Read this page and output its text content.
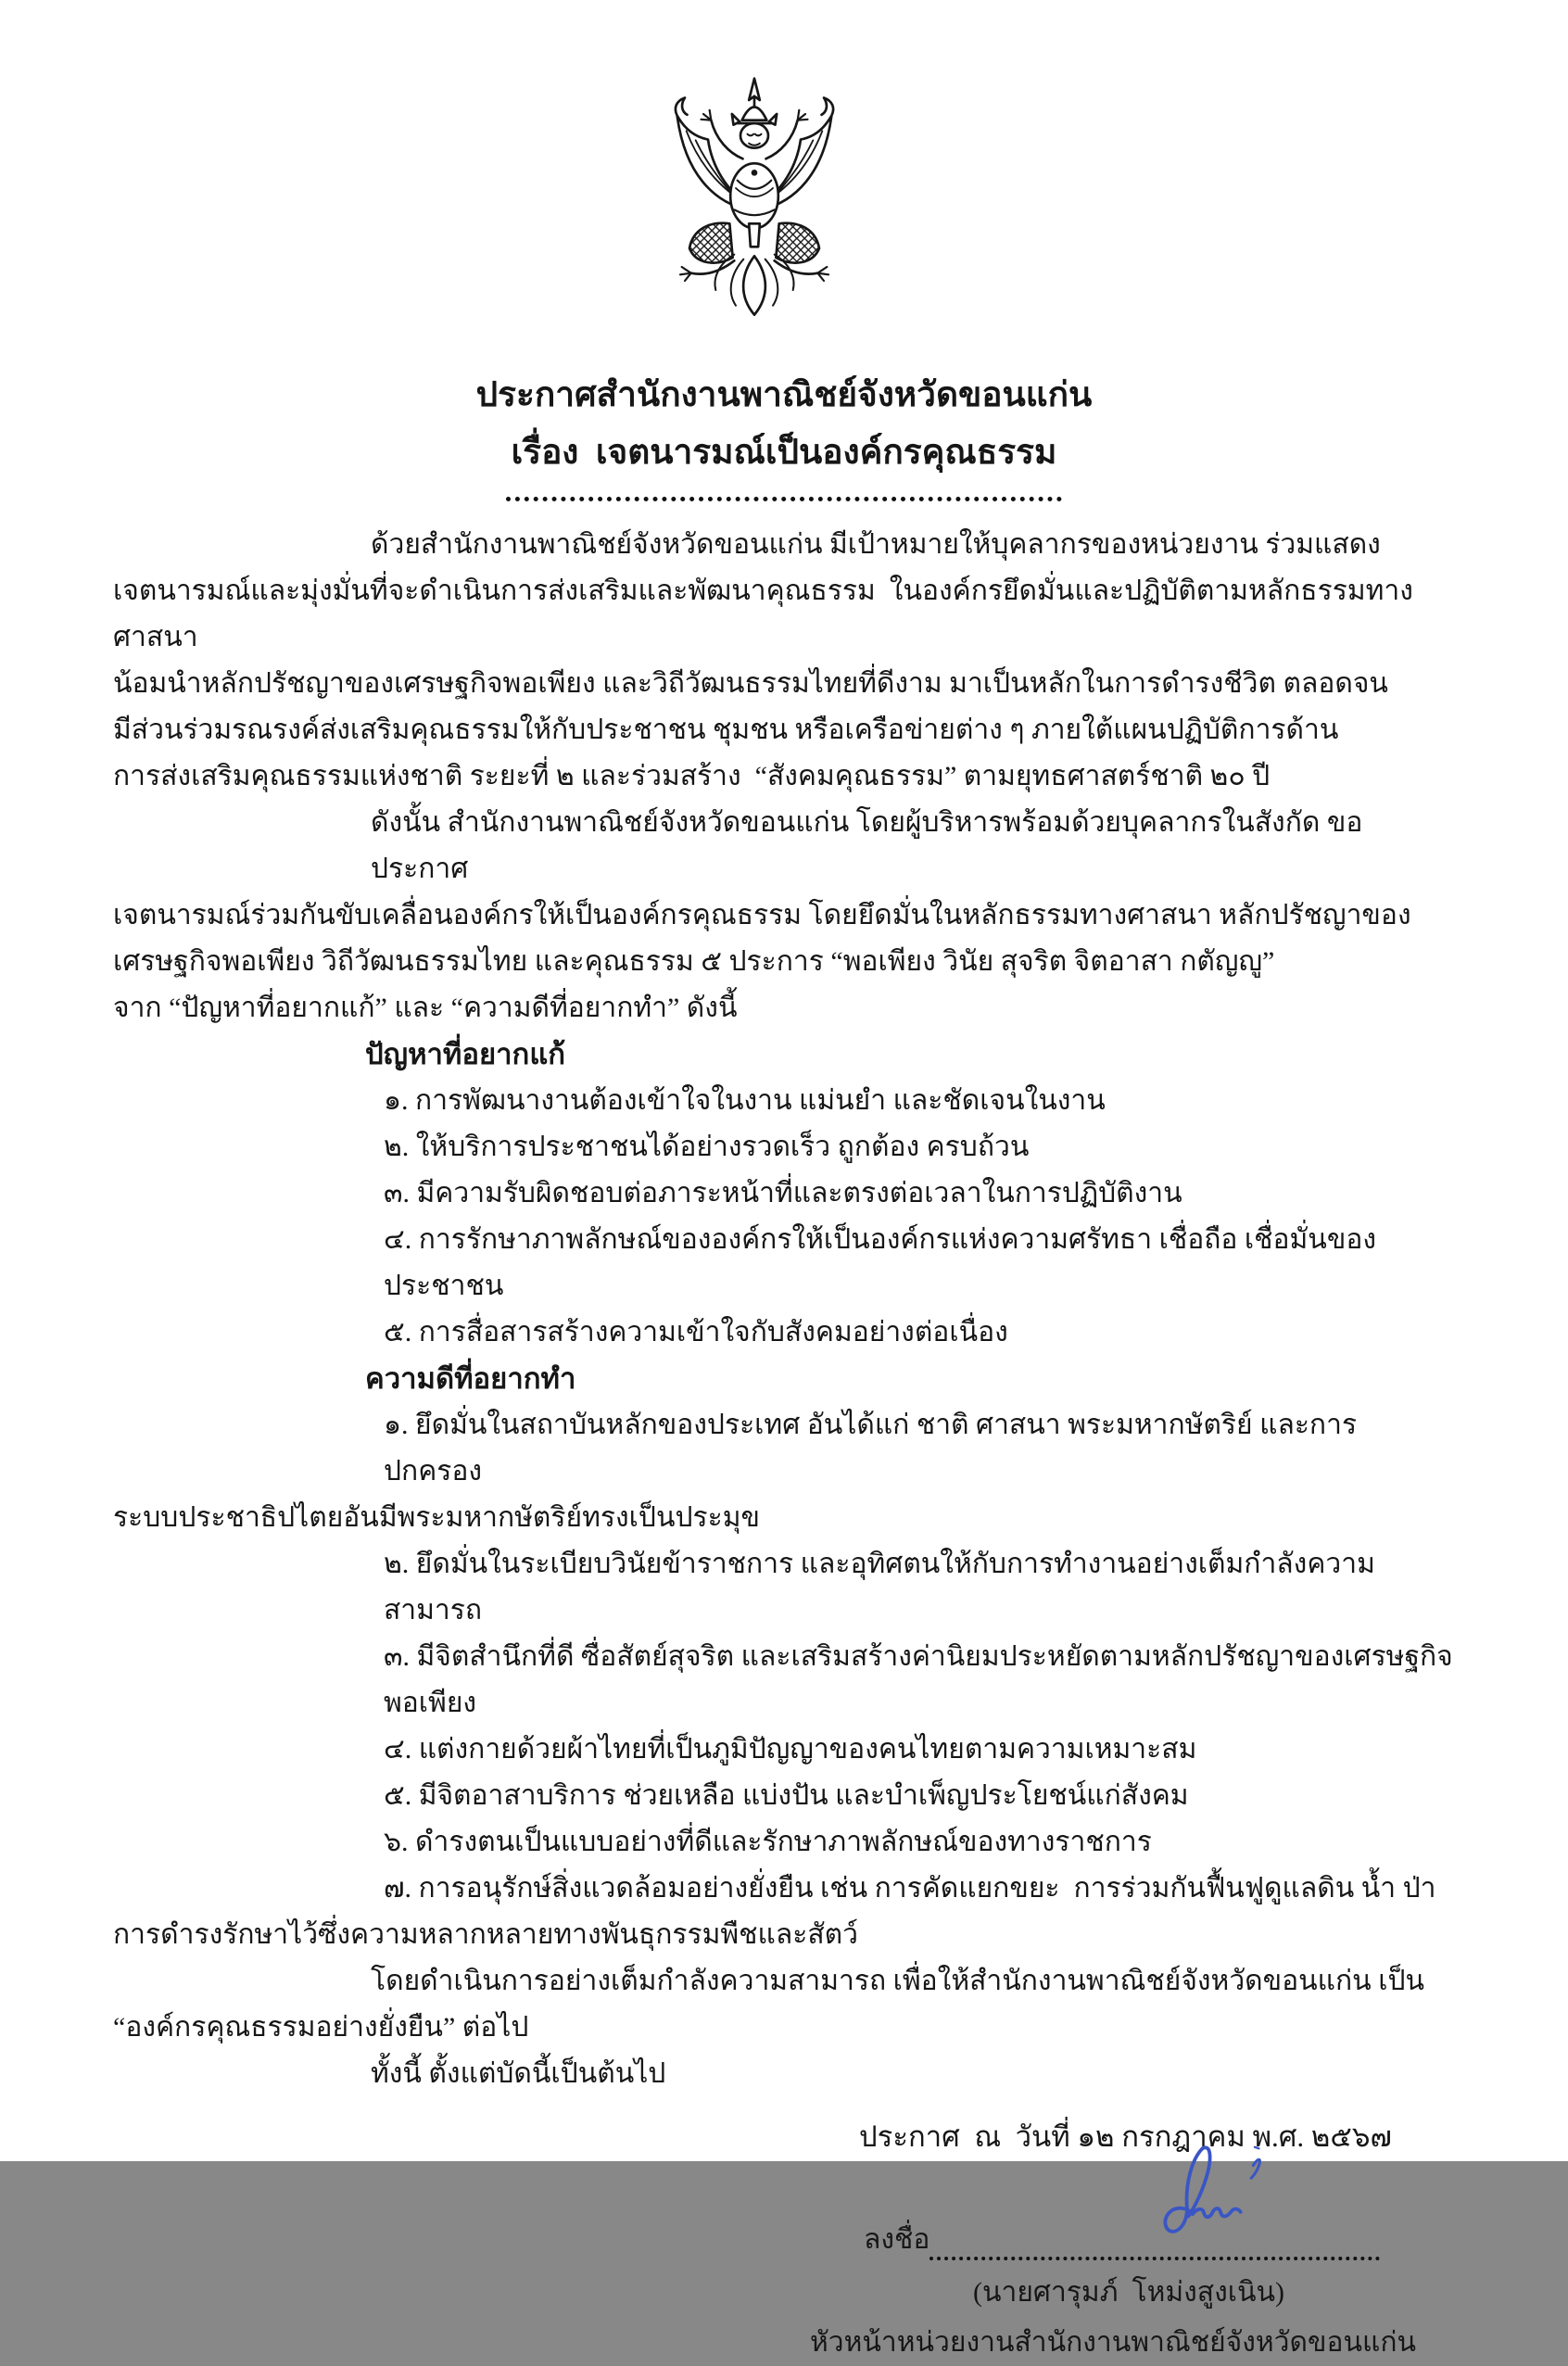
ประกาศสำนักงานพาณิชย์จังหวัดขอนแก่น
เรื่อง  เจตนารมณ์เป็นองค์กรคุณธรรม
ด้วยสำนักงานพาณิชย์จังหวัดขอนแก่น มีเป้าหมายให้บุคลากรของหน่วยงาน ร่วมแสดง
เจตนารมณ์และมุ่งมั่นที่จะดำเนินการส่งเสริมและพัฒนาคุณธรรม  ในองค์กรยึดมั่นและปฏิบัติตามหลักธรรมทาง
ศาสนา
น้อมนำหลักปรัชญาของเศรษฐกิจพอเพียง และวิถีวัฒนธรรมไทยที่ดีงาม มาเป็นหลักในการดำรงชีวิต ตลอดจน
มีส่วนร่วมรณรงค์ส่งเสริมคุณธรรมให้กับประชาชน ชุมชน หรือเครือข่ายต่าง ๆ ภายใต้แผนปฏิบัติการด้าน
การส่งเสริมคุณธรรมแห่งชาติ ระยะที่ ๒ และร่วมสร้าง  “สังคมคุณธรรม” ตามยุทธศาสตร์ชาติ ๒๐ ปี
ดังนั้น สำนักงานพาณิชย์จังหวัดขอนแก่น โดยผู้บริหารพร้อมด้วยบุคลากรในสังกัด ขอประกาศ
เจตนารมณ์ร่วมกันขับเคลื่อนองค์กรให้เป็นองค์กรคุณธรรม โดยยึดมั่นในหลักธรรมทางศาสนา หลักปรัชญาของ
เศรษฐกิจพอเพียง วิถีวัฒนธรรมไทย และคุณธรรม ๕ ประการ “พอเพียง วินัย สุจริต จิตอาสา กตัญญู”
จาก “ปัญหาที่อยากแก้” และ “ความดีที่อยากทำ” ดังนี้
ปัญหาที่อยากแก้
๑. การพัฒนางานต้องเข้าใจในงาน แม่นยำ และชัดเจนในงาน
๒. ให้บริการประชาชนได้อย่างรวดเร็ว ถูกต้อง ครบถ้วน
๓. มีความรับผิดชอบต่อภาระหน้าที่และตรงต่อเวลาในการปฏิบัติงาน
๔. การรักษาภาพลักษณ์ขององค์กรให้เป็นองค์กรแห่งความศรัทธา เชื่อถือ เชื่อมั่นของประชาชน
๕. การสื่อสารสร้างความเข้าใจกับสังคมอย่างต่อเนื่อง
ความดีที่อยากทำ
๑. ยึดมั่นในสถาบันหลักของประเทศ อันได้แก่ ชาติ ศาสนา พระมหากษัตริย์ และการปกครอง
ระบบประชาธิปไตยอันมีพระมหากษัตริย์ทรงเป็นประมุข
๒. ยึดมั่นในระเบียบวินัยข้าราชการ และอุทิศตนให้กับการทำงานอย่างเต็มกำลังความสามารถ
๓. มีจิตสำนึกที่ดี ซื่อสัตย์สุจริต และเสริมสร้างค่านิยมประหยัดตามหลักปรัชญาของเศรษฐกิจพอเพียง
๔. แต่งกายด้วยผ้าไทยที่เป็นภูมิปัญญาของคนไทยตามความเหมาะสม
๕. มีจิตอาสาบริการ ช่วยเหลือ แบ่งปัน และบำเพ็ญประโยชน์แก่สังคม
๖. ดำรงตนเป็นแบบอย่างที่ดีและรักษาภาพลักษณ์ของทางราชการ
๗. การอนุรักษ์สิ่งแวดล้อมอย่างยั่งยืน เช่น การคัดแยกขยะ  การร่วมกันฟื้นฟูดูแลดิน น้ำ ป่า
การดำรงรักษาไว้ซึ่งความหลากหลายทางพันธุกรรมพืชและสัตว์
โดยดำเนินการอย่างเต็มกำลังความสามารถ เพื่อให้สำนักงานพาณิชย์จังหวัดขอนแก่น เป็น
“องค์กรคุณธรรมอย่างยั่งยืน” ต่อไป
ทั้งนี้ ตั้งแต่บัดนี้เป็นต้นไป
ประกาศ  ณ  วันที่ ๑๒ กรกฎาคม พ.ศ. ๒๕๖๗
ลงชื่อ
(นายศารุมภ์  โหม่งสูงเนิน)
หัวหน้าหน่วยงานสำนักงานพาณิชย์จังหวัดขอนแก่น
